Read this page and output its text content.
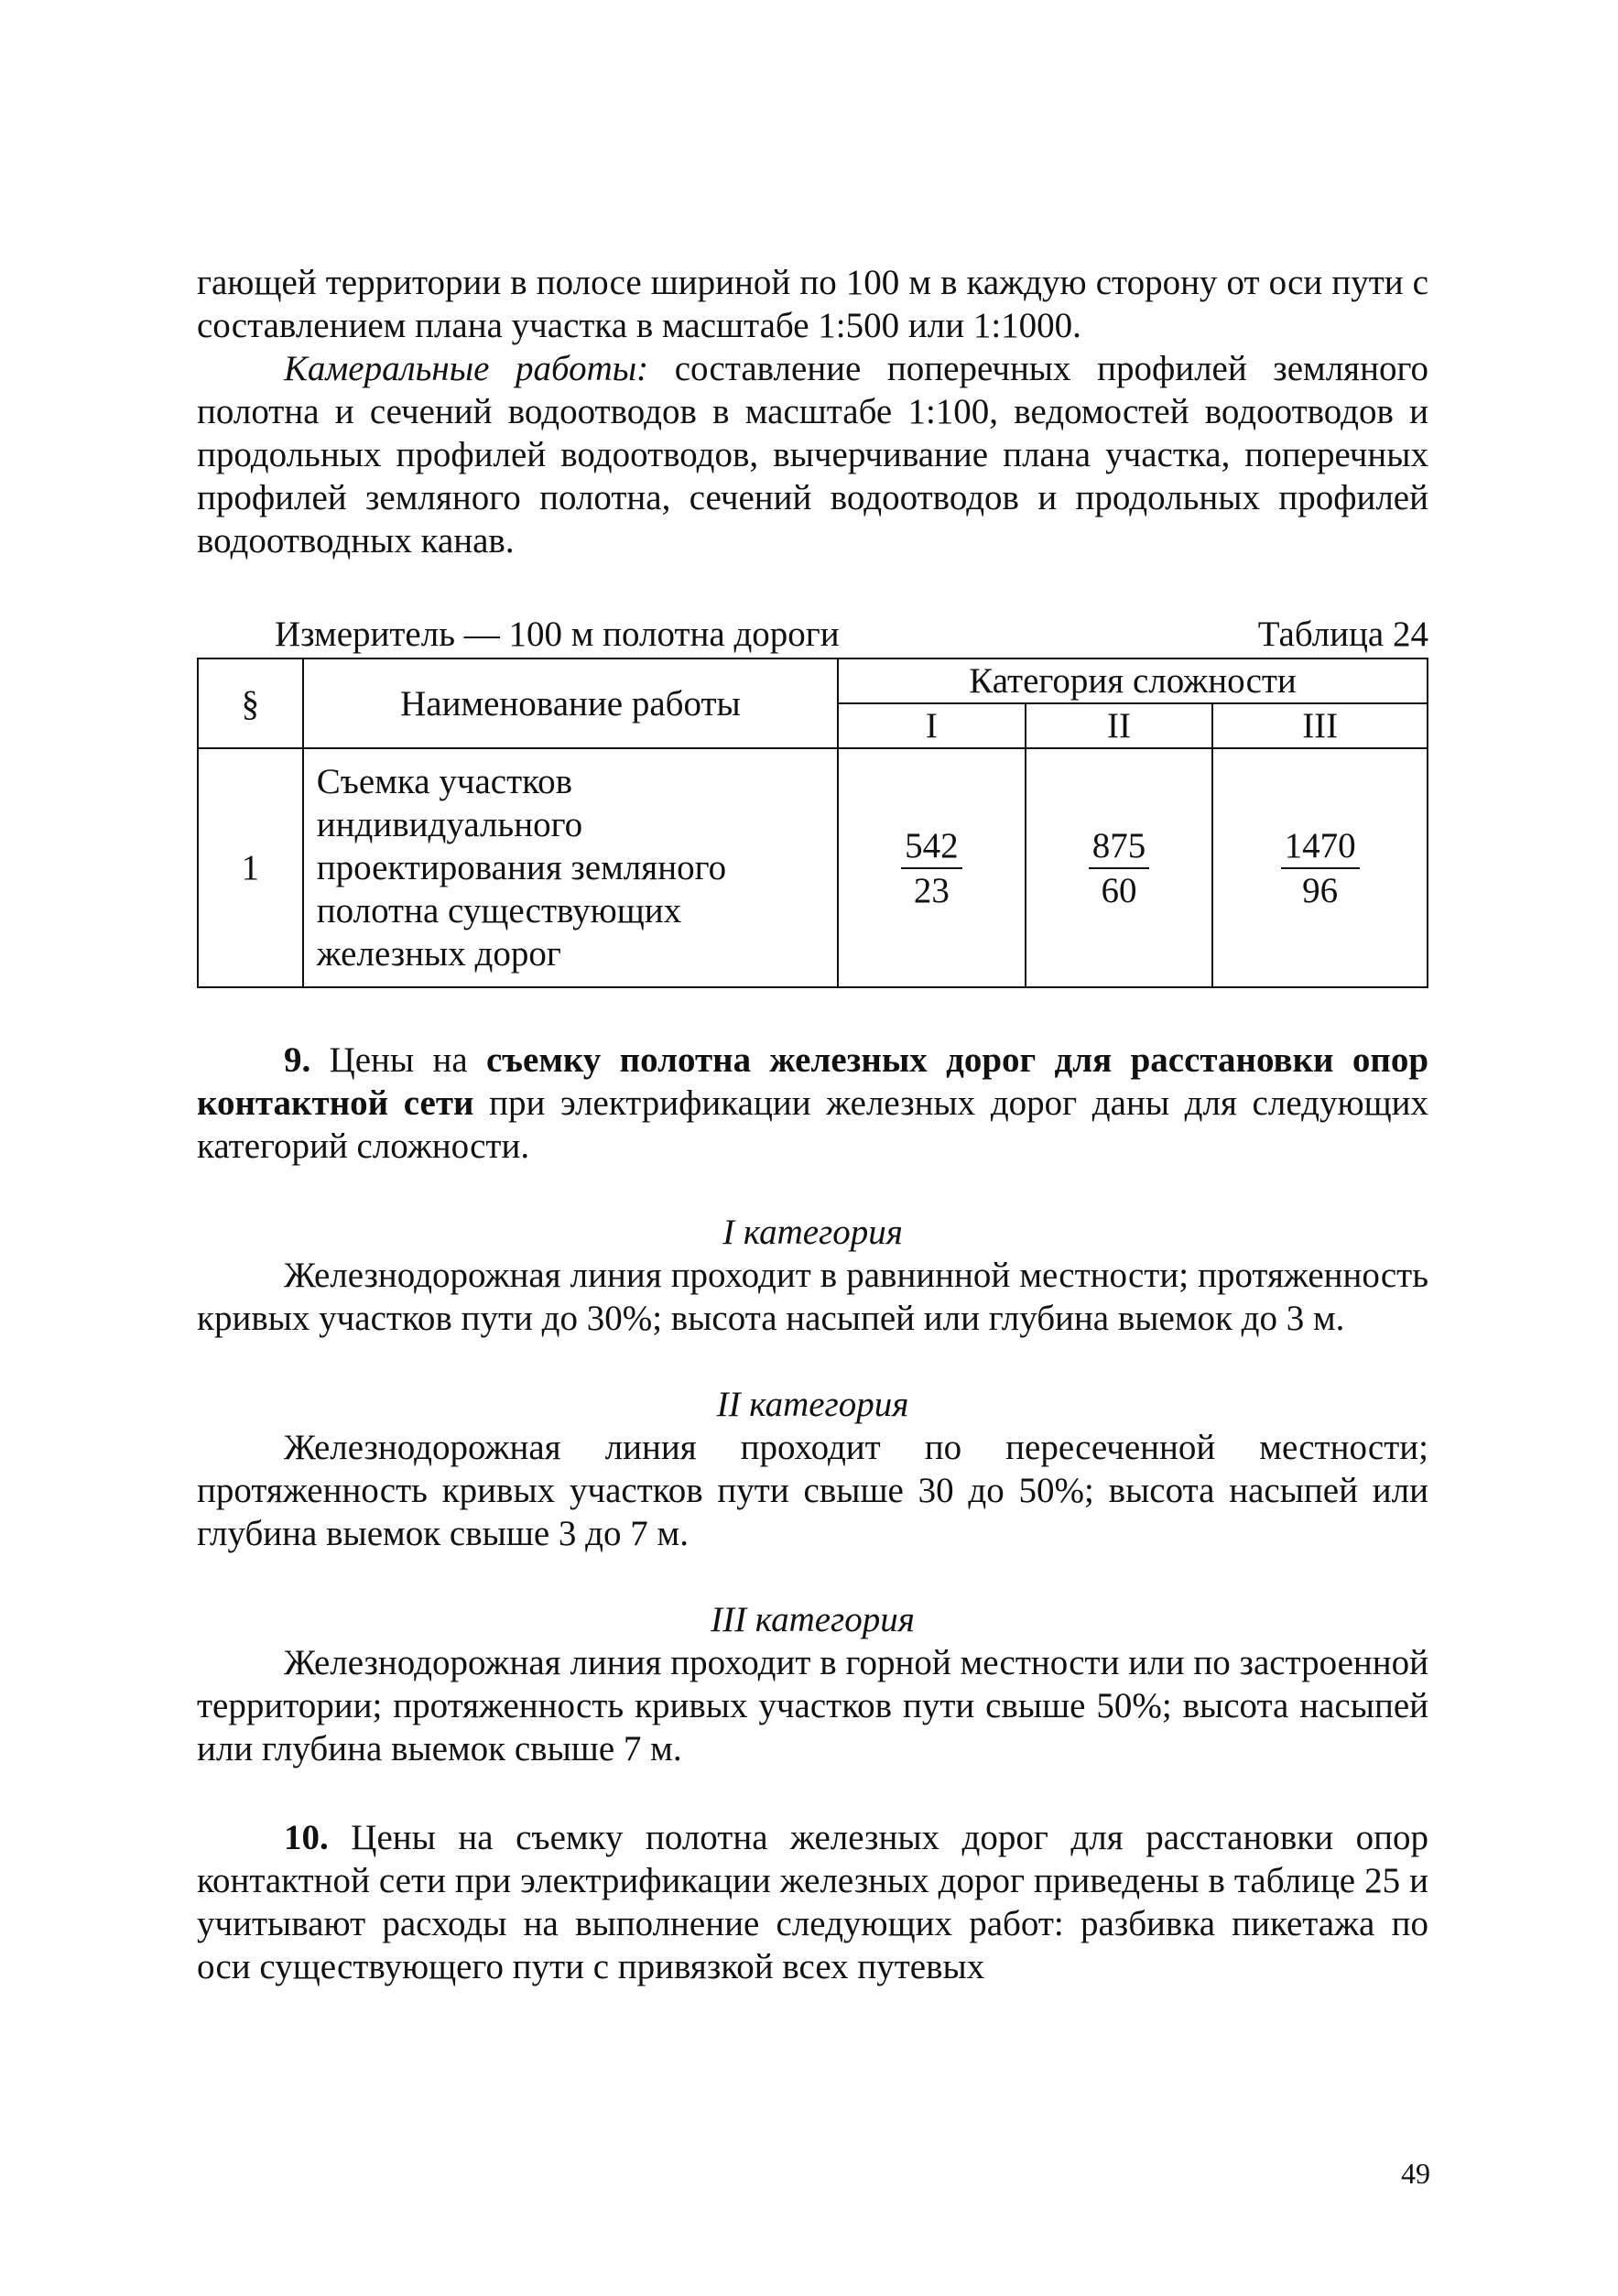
гающей территории в полосе шириной по 100 м в каждую сторону от оси пути с составлением плана участка в масштабе 1:500 или 1:1000.

Камеральные работы: составление поперечных профилей земляного полотна и сечений водоотводов в масштабе 1:100, ведомостей водоотводов и продольных профилей водоотводов, вычерчивание плана участка, поперечных профилей земляного полотна, сечений водоотводов и продольных профилей водоотводных канав.

Измеритель — 100 м полотна дороги	Таблица 24
§	Наименование работы	Категория сложности		
		I	II	III
1	Съемка участков индивидуального проектирования земляного полотна существующих железных дорог	$\frac{542}{23}$	$\frac{875}{60}$	$\frac{1470}{96}$

9. Цены на съемку полотна железных дорог для расстановки опор контактной сети при электрификации железных дорог даны для следующих категорий сложности.

I категория

Железнодорожная линия проходит в равнинной местности; протяженность кривых участков пути до 30%; высота насыпей или глубина выемок до 3 м.

II категория

Железнодорожная линия проходит по пересеченной местности; протяженность кривых участков пути свыше 30 до 50%; высота насыпей или глубина выемок свыше 3 до 7 м.

III категория

Железнодорожная линия проходит в горной местности или по застроенной территории; протяженность кривых участков пути свыше 50%; высота насыпей или глубина выемок свыше 7 м.

10. Цены на съемку полотна железных дорог для расстановки опор контактной сети при электрификации железных дорог приведены в таблице 25 и учитывают расходы на выполнение следующих работ: разбивка пикетажа по оси существующего пути с привязкой всех путевых

49
